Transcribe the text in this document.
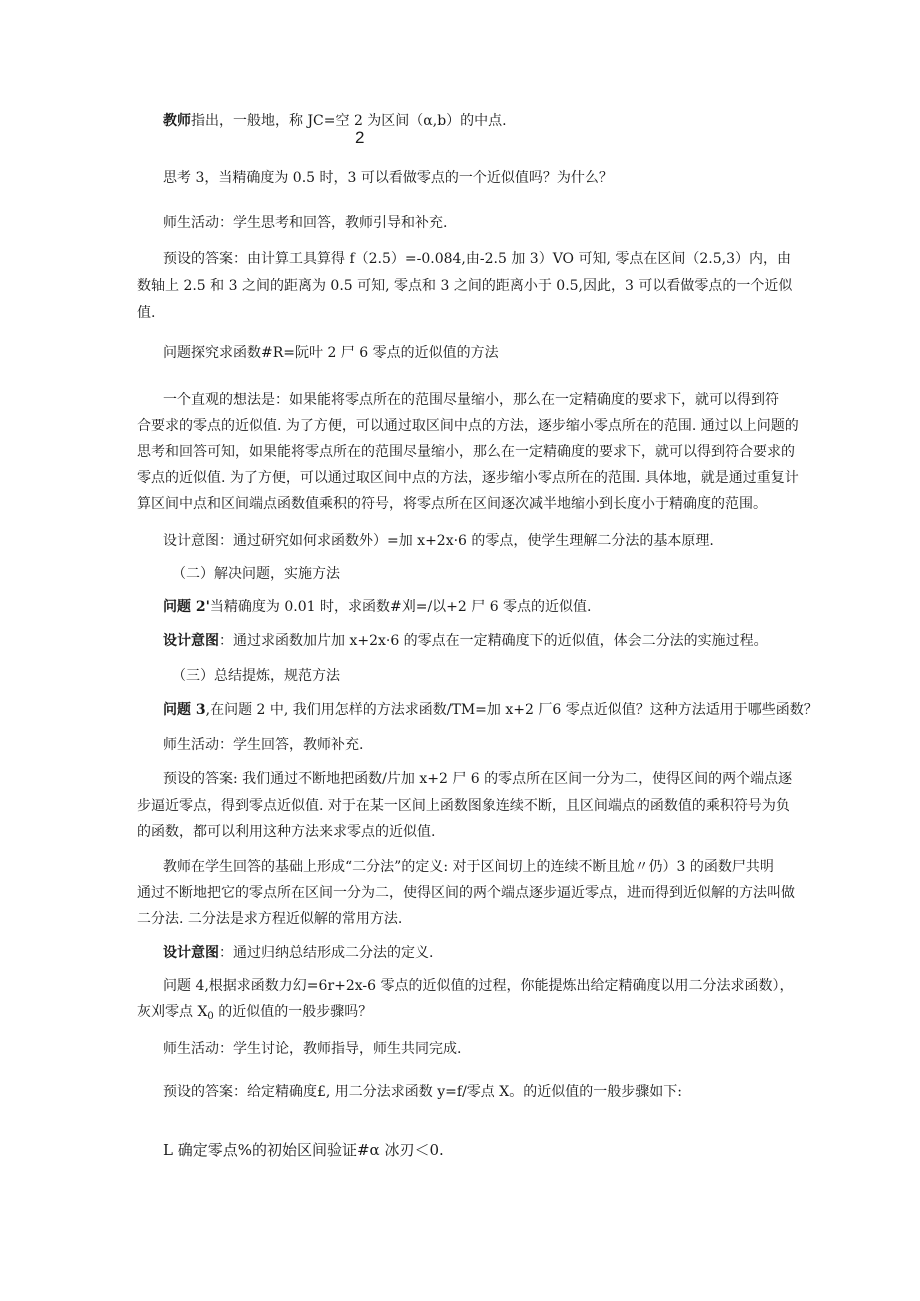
教师指出，一般地，称 JC=空 2 为区间（α,b）的中点.
2
思考 3，当精确度为 0.5 时，3 可以看做零点的一个近似值吗？为什么？
师生活动：学生思考和回答，教师引导和补充.
预设的答案：由计算工具算得 f（2.5）=-0.084,由-2.5 加 3）VO 可知, 零点在区间（2.5,3）内，由
数轴上 2.5 和 3 之间的距离为 0.5 可知, 零点和 3 之间的距离小于 0.5,因此，3 可以看做零点的一个近似
值.
问题探究求函数#R=阮叶 2 尸 6 零点的近似值的方法
一个直观的想法是：如果能将零点所在的范围尽量缩小，那么在一定精确度的要求下，就可以得到符
合要求的零点的近似值. 为了方便，可以通过取区间中点的方法，逐步缩小零点所在的范围. 通过以上问题的
思考和回答可知，如果能将零点所在的范围尽量缩小，那么在一定精确度的要求下，就可以得到符合要求的
零点的近似值. 为了方便，可以通过取区间中点的方法，逐步缩小零点所在的范围. 具体地，就是通过重复计
算区间中点和区间端点函数值乘积的符号，将零点所在区间逐次减半地缩小到长度小于精确度的范围。
设计意图：通过研究如何求函数外）=加 x+2x·6 的零点，使学生理解二分法的基本原理.
（二）解决问题，实施方法
问题 2'当精确度为 0.01 时，求函数#刈=/以+2 尸 6 零点的近似值.
设计意图：通过求函数加片加 x+2x·6 的零点在一定精确度下的近似值，体会二分法的实施过程。
（三）总结提炼，规范方法
问题 3,在问题 2 中, 我们用怎样的方法求函数/TM=加 x+2 厂6 零点近似值？这种方法适用于哪些函数？
师生活动：学生回答，教师补充.
预设的答案: 我们通过不断地把函数/片加 x+2 尸 6 的零点所在区间一分为二，使得区间的两个端点逐
步逼近零点，得到零点近似值. 对于在某一区间上函数图象连续不断，且区间端点的函数值的乘积符号为负
的函数，都可以利用这种方法来求零点的近似值.
教师在学生回答的基础上形成“二分法”的定义: 对于区间切上的连续不断且尬〃仍）3 的函数尸共明
通过不断地把它的零点所在区间一分为二，使得区间的两个端点逐步逼近零点，进而得到近似解的方法叫做
二分法. 二分法是求方程近似解的常用方法.
设计意图：通过归纳总结形成二分法的定义.
问题 4,根据求函数力幻=6r+2x-6 零点的近似值的过程，你能提炼出给定精确度以用二分法求函数），
灰刈零点 $X_0$ 的近似值的一般步骤吗？
师生活动：学生讨论，教师指导，师生共同完成.
预设的答案：给定精确度£, 用二分法求函数 y=f/零点 X。的近似值的一般步骤如下:
L 确定零点%的初始区间验证#α 冰刃＜0.
